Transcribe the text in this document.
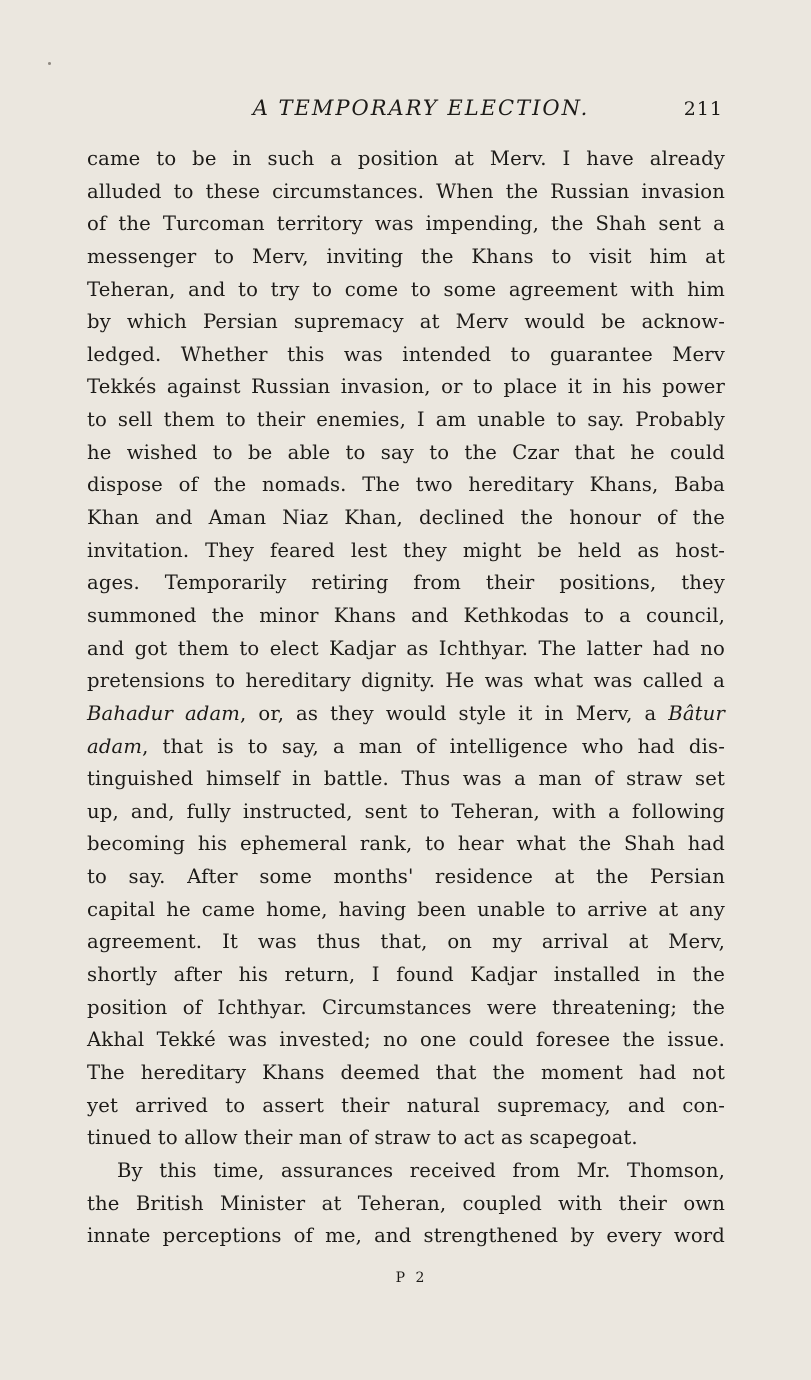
A TEMPORARY ELECTION.	211
came to be in such a position at Merv. I have already
alluded to these circumstances. When the Russian invasion
of the Turcoman territory was impending, the Shah sent a
messenger to Merv, inviting the Khans to visit him at
Teheran, and to try to come to some agreement with him
by which Persian supremacy at Merv would be acknow-
ledged. Whether this was intended to guarantee Merv
Tekkés against Russian invasion, or to place it in his power
to sell them to their enemies, I am unable to say. Probably
he wished to be able to say to the Czar that he could
dispose of the nomads. The two hereditary Khans, Baba
Khan and Aman Niaz Khan, declined the honour of the
invitation. They feared lest they might be held as host-
ages. Temporarily retiring from their positions, they
summoned the minor Khans and Kethkodas to a council,
and got them to elect Kadjar as Ichthyar. The latter had no
pretensions to hereditary dignity. He was what was called a
Bahadur adam, or, as they would style it in Merv, a Bâtur
adam, that is to say, a man of intelligence who had dis-
tinguished himself in battle. Thus was a man of straw set
up, and, fully instructed, sent to Teheran, with a following
becoming his ephemeral rank, to hear what the Shah had
to say. After some months' residence at the Persian
capital he came home, having been unable to arrive at any
agreement. It was thus that, on my arrival at Merv,
shortly after his return, I found Kadjar installed in the
position of Ichthyar. Circumstances were threatening; the
Akhal Tekké was invested; no one could foresee the issue.
The hereditary Khans deemed that the moment had not
yet arrived to assert their natural supremacy, and con-
tinued to allow their man of straw to act as scapegoat.
By this time, assurances received from Mr. Thomson,
the British Minister at Teheran, coupled with their own
innate perceptions of me, and strengthened by every word
P 2
